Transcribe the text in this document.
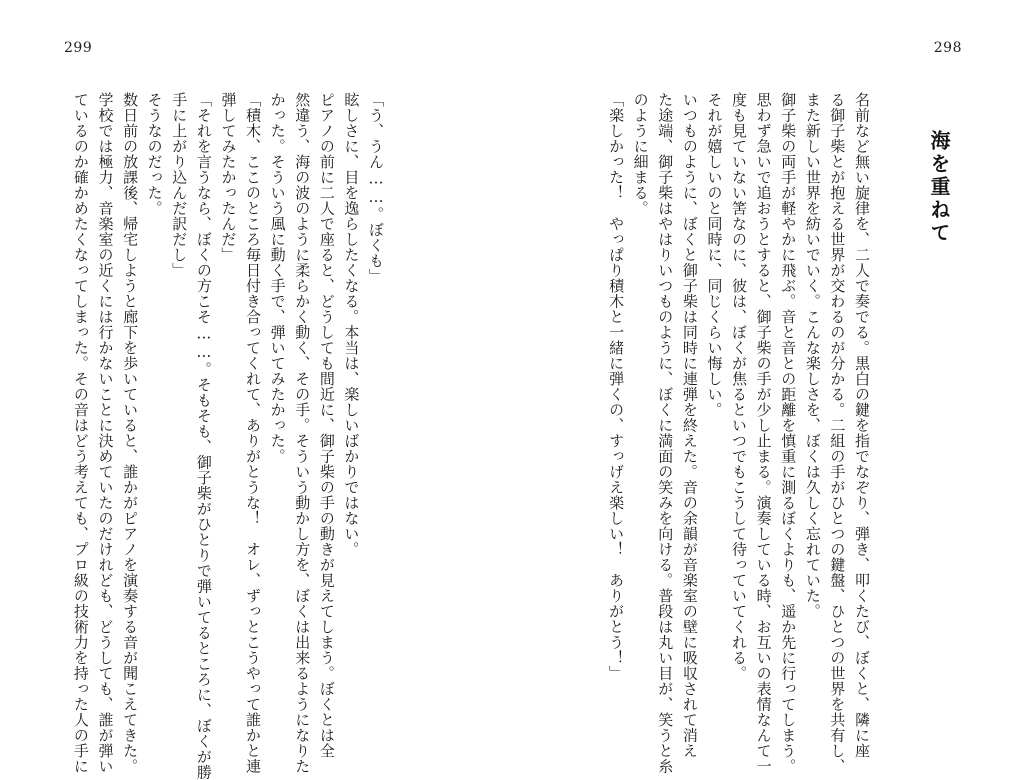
299	298
海を重ねて

名前など無い旋律を、二人で奏でる。黒白の鍵を指でなぞり、弾き、叩くたび、ぼくと、隣に座

る御子柴とが抱える世界が交わるのが分かる。二組の手がひとつの鍵盤、ひとつの世界を共有し、

また新しい世界を紡いでいく。こんな楽しさを、ぼくは久しく忘れていた。

御子柴の両手が軽やかに飛ぶ。音と音との距離を慎重に測るぼくよりも、遥か先に行ってしまう。

思わず急いで追おうとすると、御子柴の手が少し止まる。演奏している時、お互いの表情なんて一

度も見ていない筈なのに、彼は、ぼくが焦るといつでもこうして待っていてくれる。

それが嬉しいのと同時に、同じくらい悔しい。

いつものように、ぼくと御子柴は同時に連弾を終えた。音の余韻が音楽室の壁に吸収されて消え

た途端、御子柴はやはりいつものように、ぼくに満面の笑みを向ける。普段は丸い目が、笑うと糸

のように細まる。

「楽しかった！　やっぱり積木と一緒に弾くの、すっげえ楽しい！　ありがとう！」

「う、うん……。ぼくも」

眩しさに、目を逸らしたくなる。本当は、楽しいばかりではない。

ピアノの前に二人で座ると、どうしても間近に、御子柴の手の動きが見えてしまう。ぼくとは全

然違う、海の波のように柔らかく動く、その手。そういう動かし方を、ぼくは出来るようになりた

かった。そういう風に動く手で、弾いてみたかった。

「積木、ここのところ毎日付き合ってくれて、ありがとうな！　オレ、ずっとこうやって誰かと連

弾してみたかったんだ」

「それを言うなら、ぼくの方こそ……。そもそも、御子柴がひとりで弾いてるところに、ぼくが勝

手に上がり込んだ訳だし」

そうなのだった。

数日前の放課後、帰宅しようと廊下を歩いていると、誰かがピアノを演奏する音が聞こえてきた。

学校では極力、音楽室の近くには行かないことに決めていたのだけれども、どうしても、誰が弾い

ているのか確かめたくなってしまった。その音はどう考えても、プロ級の技術力を持った人の手に
